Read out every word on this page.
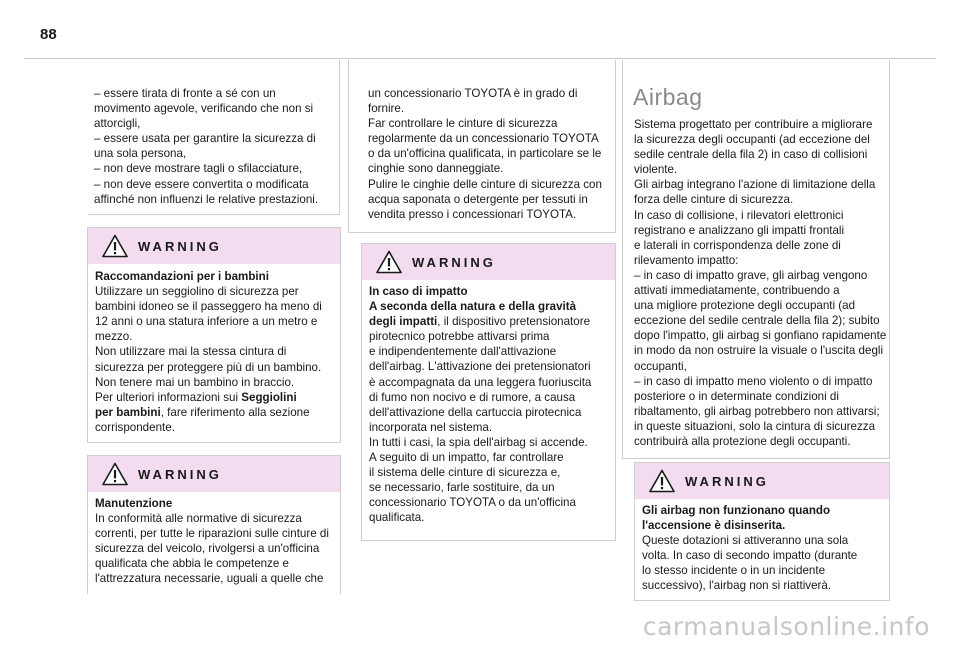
88
– essere tirata di fronte a sé con un
movimento agevole, verificando che non si
attorcigli,
– essere usata per garantire la sicurezza di
una sola persona,
– non deve mostrare tagli o sfilacciature,
– non deve essere convertita o modificata
affinché non influenzi le relative prestazioni.
WARNING
Raccomandazioni per i bambini
Utilizzare un seggiolino di sicurezza per
bambini idoneo se il passeggero ha meno di
12 anni o una statura inferiore a un metro e
mezzo.
Non utilizzare mai la stessa cintura di
sicurezza per proteggere più di un bambino.
Non tenere mai un bambino in braccio.
Per ulteriori informazioni sui Seggiolini
per bambini, fare riferimento alla sezione
corrispondente.
WARNING
Manutenzione
In conformità alle normative di sicurezza
correnti, per tutte le riparazioni sulle cinture di
sicurezza del veicolo, rivolgersi a un'officina
qualificata che abbia le competenze e
l'attrezzatura necessarie, uguali a quelle che
un concessionario TOYOTA è in grado di
fornire.
Far controllare le cinture di sicurezza
regolarmente da un concessionario TOYOTA
o da un'officina qualificata, in particolare se le
cinghie sono danneggiate.
Pulire le cinghie delle cinture di sicurezza con
acqua saponata o detergente per tessuti in
vendita presso i concessionari TOYOTA.
WARNING
In caso di impatto
A seconda della natura e della gravità
degli impatti, il dispositivo pretensionatore
pirotecnico potrebbe attivarsi prima
e indipendentemente dall'attivazione
dell'airbag. L'attivazione dei pretensionatori
è accompagnata da una leggera fuoriuscita
di fumo non nocivo e di rumore, a causa
dell'attivazione della cartuccia pirotecnica
incorporata nel sistema.
In tutti i casi, la spia dell'airbag si accende.
A seguito di un impatto, far controllare
il sistema delle cinture di sicurezza e,
se necessario, farle sostituire, da un
concessionario TOYOTA o da un'officina
qualificata.
Airbag
Sistema progettato per contribuire a migliorare
la sicurezza degli occupanti (ad eccezione del
sedile centrale della fila 2) in caso di collisioni
violente.
Gli airbag integrano l'azione di limitazione della
forza delle cinture di sicurezza.
In caso di collisione, i rilevatori elettronici
registrano e analizzano gli impatti frontali
e laterali in corrispondenza delle zone di
rilevamento impatto:
– in caso di impatto grave, gli airbag vengono
attivati immediatamente, contribuendo a
una migliore protezione degli occupanti (ad
eccezione del sedile centrale della fila 2); subito
dopo l'impatto, gli airbag si gonfiano rapidamente
in modo da non ostruire la visuale o l'uscita degli
occupanti,
– in caso di impatto meno violento o di impatto
posteriore o in determinate condizioni di
ribaltamento, gli airbag potrebbero non attivarsi;
in queste situazioni, solo la cintura di sicurezza
contribuirà alla protezione degli occupanti.
WARNING
Gli airbag non funzionano quando
l'accensione è disinserita.
Queste dotazioni si attiveranno una sola
volta. In caso di secondo impatto (durante
lo stesso incidente o in un incidente
successivo), l'airbag non si riattiverà.
carmanualsonline.info
